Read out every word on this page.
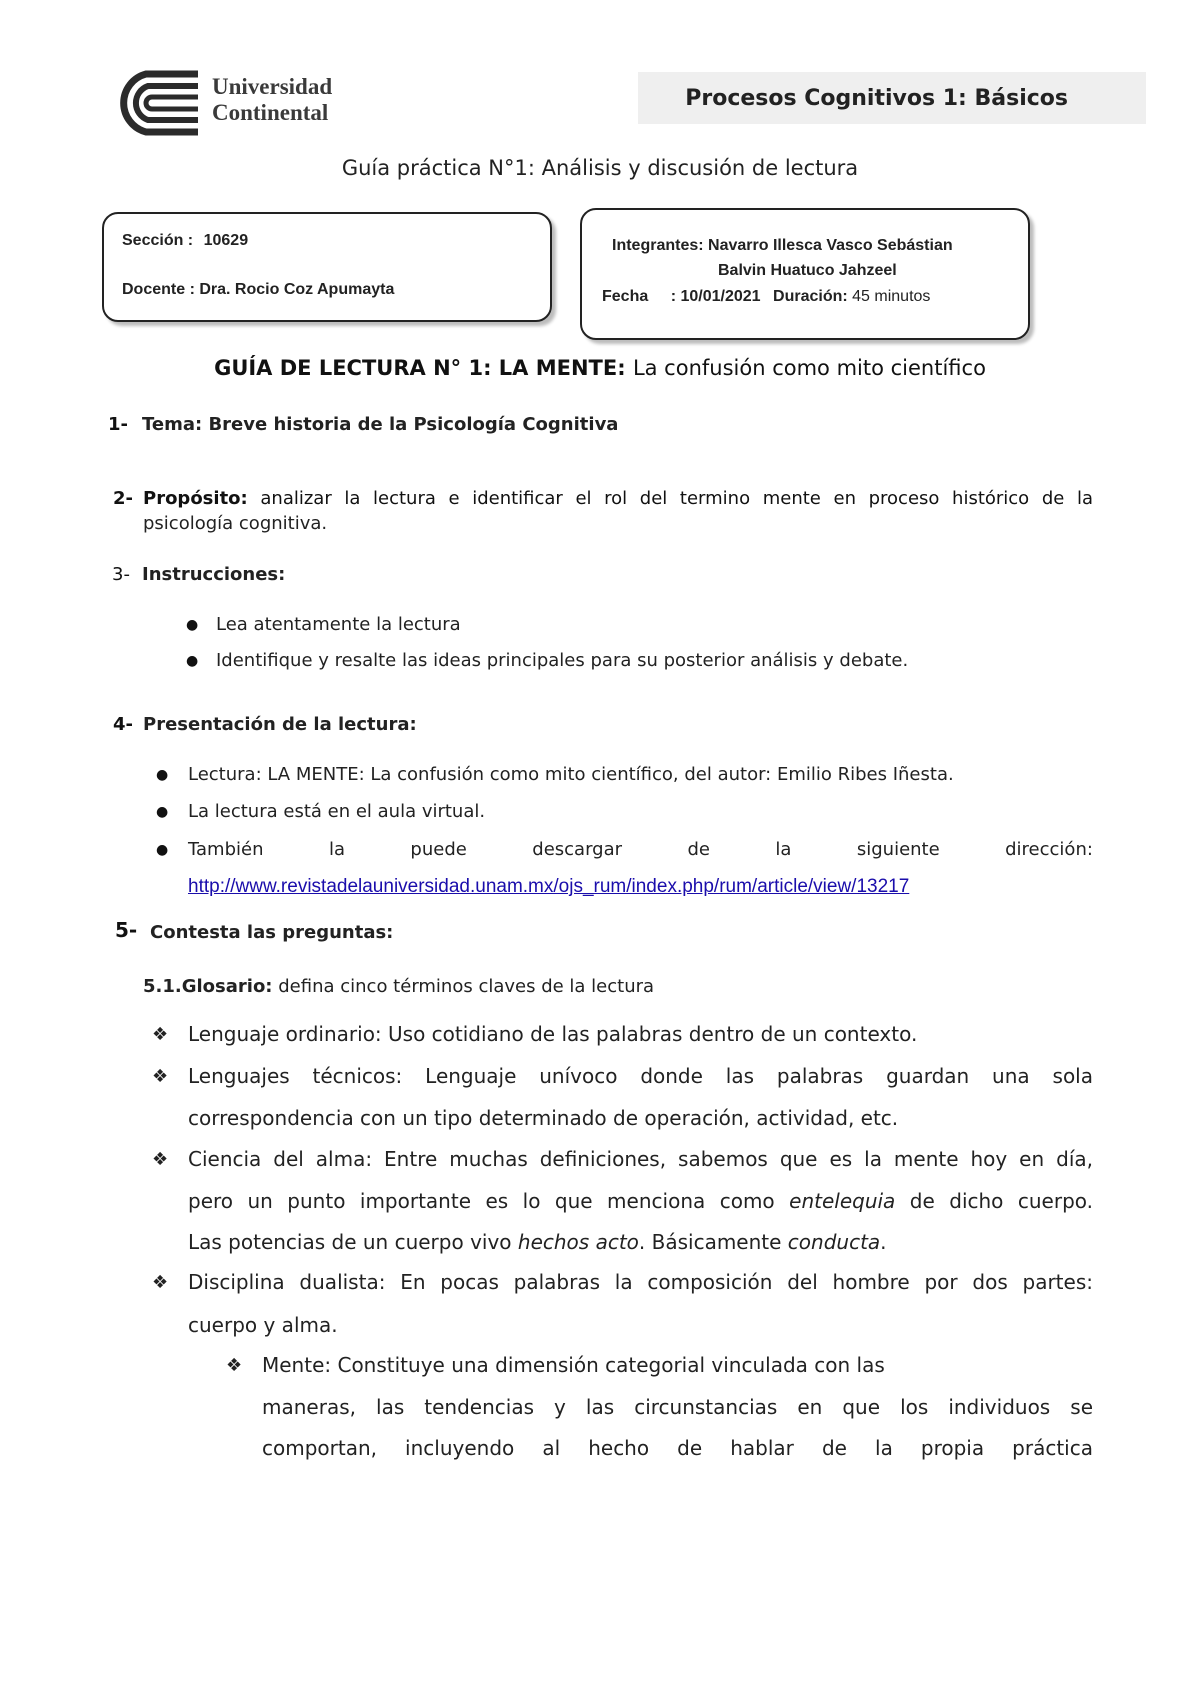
Universidad
Continental
Procesos Cognitivos 1: Básicos
Guía práctica N°1: Análisis y discusión de lectura
Sección : 10629
Docente : Dra. Rocio Coz Apumayta
Integrantes: Navarro Illesca Vasco Sebástian
Balvin Huatuco Jahzeel
Fecha : 10/01/2021 Duración: 45 minutos
GUÍA DE LECTURA N° 1: LA MENTE: La confusión como mito científico
1- Tema: Breve historia de la Psicología Cognitiva
2- Propósito: analizar la lectura e identificar el rol del termino mente en proceso histórico de la
psicología cognitiva.
3- Instrucciones:
● Lea atentamente la lectura
● Identifique y resalte las ideas principales para su posterior análisis y debate.
4- Presentación de la lectura:
● Lectura: LA MENTE: La confusión como mito científico, del autor: Emilio Ribes Iñesta.
● La lectura está en el aula virtual.
● También	la	puede	descargar	de	la	siguiente	dirección:
http://www.revistadelauniversidad.unam.mx/ojs_rum/index.php/rum/article/view/13217
5- Contesta las preguntas:
5.1.Glosario: defina cinco términos claves de la lectura
❖ Lenguaje ordinario: Uso cotidiano de las palabras dentro de un contexto.
❖ Lenguajes técnicos: Lenguaje unívoco donde las palabras guardan una sola
correspondencia con un tipo determinado de operación, actividad, etc.
❖ Ciencia del alma: Entre muchas definiciones, sabemos que es la mente hoy en día,
pero un punto importante es lo que menciona como entelequia de dicho cuerpo.
Las potencias de un cuerpo vivo hechos acto. Básicamente conducta.
❖ Disciplina dualista: En pocas palabras la composición del hombre por dos partes:
cuerpo y alma.
❖ Mente: Constituye una dimensión categorial vinculada con las
maneras, las tendencias y las circunstancias en que los individuos se
comportan, incluyendo al hecho de hablar de la propia práctica
